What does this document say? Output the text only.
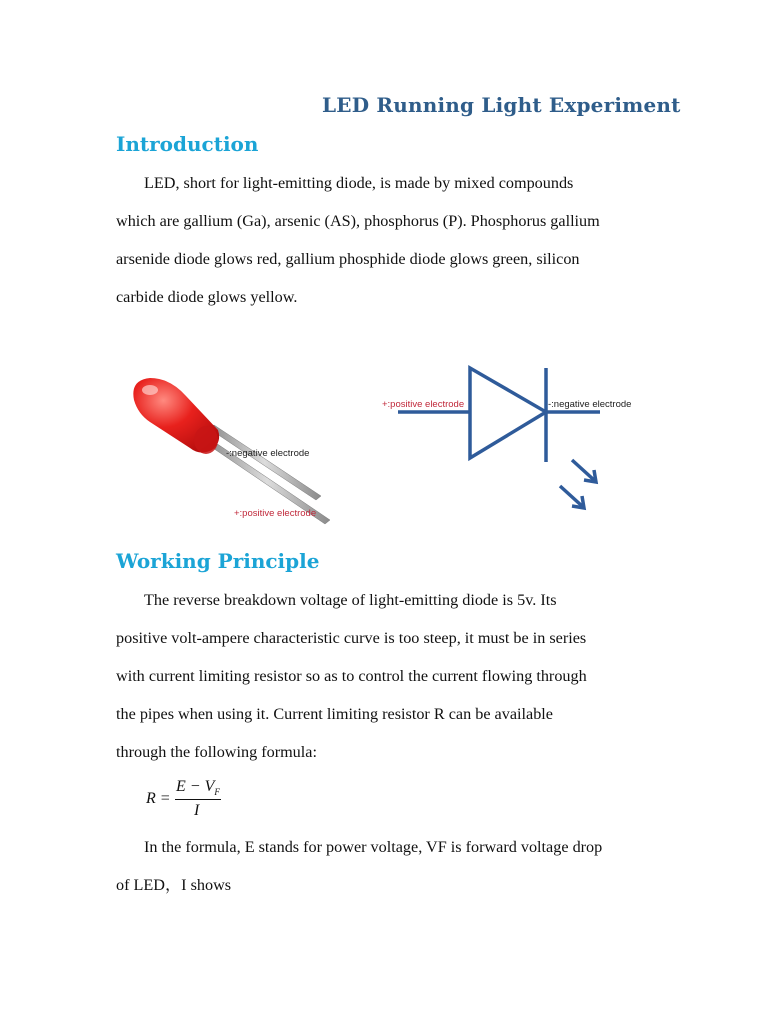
LED Running Light Experiment
Introduction
LED, short for light-emitting diode, is made by mixed compounds
which are gallium (Ga), arsenic (AS), phosphorus (P). Phosphorus gallium
arsenide diode glows red, gallium phosphide diode glows green, silicon
carbide diode glows yellow.
-:negative electrode
+:positive electrode
+:positive electrode	-:negative electrode
Working Principle
The reverse breakdown voltage of light-emitting diode is 5v. Its
positive volt-ampere characteristic curve is too steep, it must be in series
with current limiting resistor so as to control the current flowing through
the pipes when using it. Current limiting resistor R can be available
through the following formula:
R =
$E - V_F$
I
In the formula, E stands for power voltage, VF is forward voltage drop
of LED，I shows
